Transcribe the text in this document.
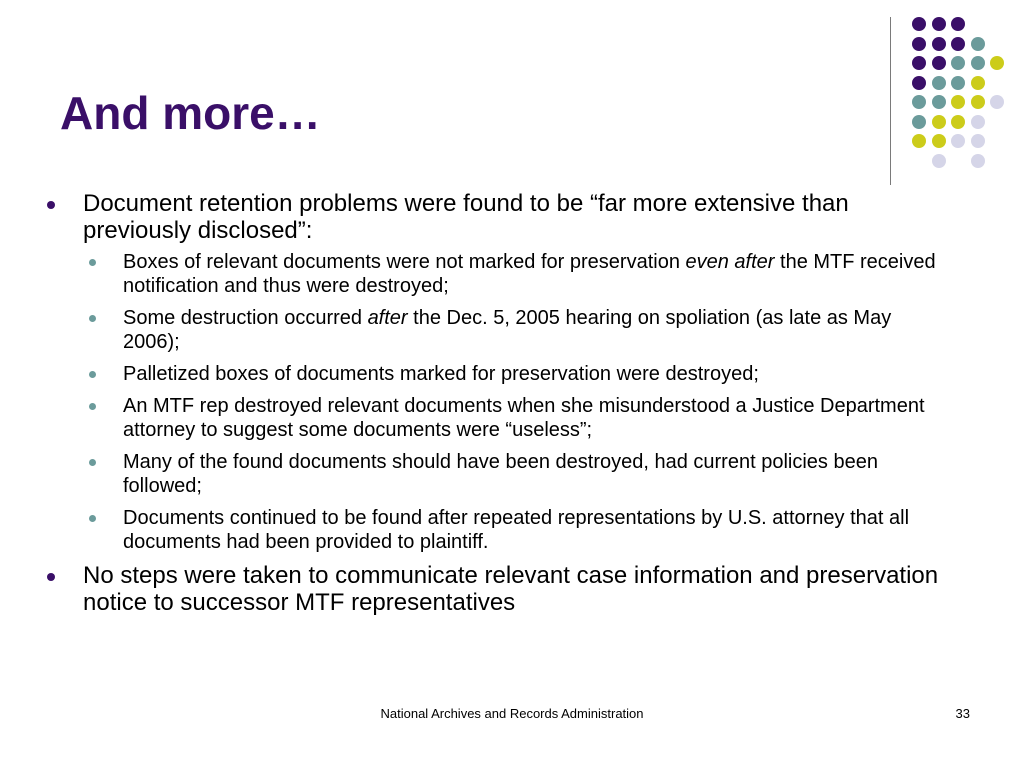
And more…
Document retention problems were found to be “far more extensive than previously disclosed”:
Boxes of relevant documents were not marked for preservation even after the MTF received notification and thus were destroyed;
Some destruction occurred after the Dec. 5, 2005 hearing on spoliation (as late as May 2006);
Palletized boxes of documents marked for preservation were destroyed;
An MTF rep destroyed relevant documents when she misunderstood a Justice Department attorney to suggest some documents were “useless”;
Many of the found documents should have been destroyed, had current policies been followed;
Documents continued to be found after repeated representations by U.S. attorney that all documents had been provided to plaintiff.
No steps were taken to communicate relevant case information and preservation notice to successor MTF representatives
National Archives and Records Administration	33
